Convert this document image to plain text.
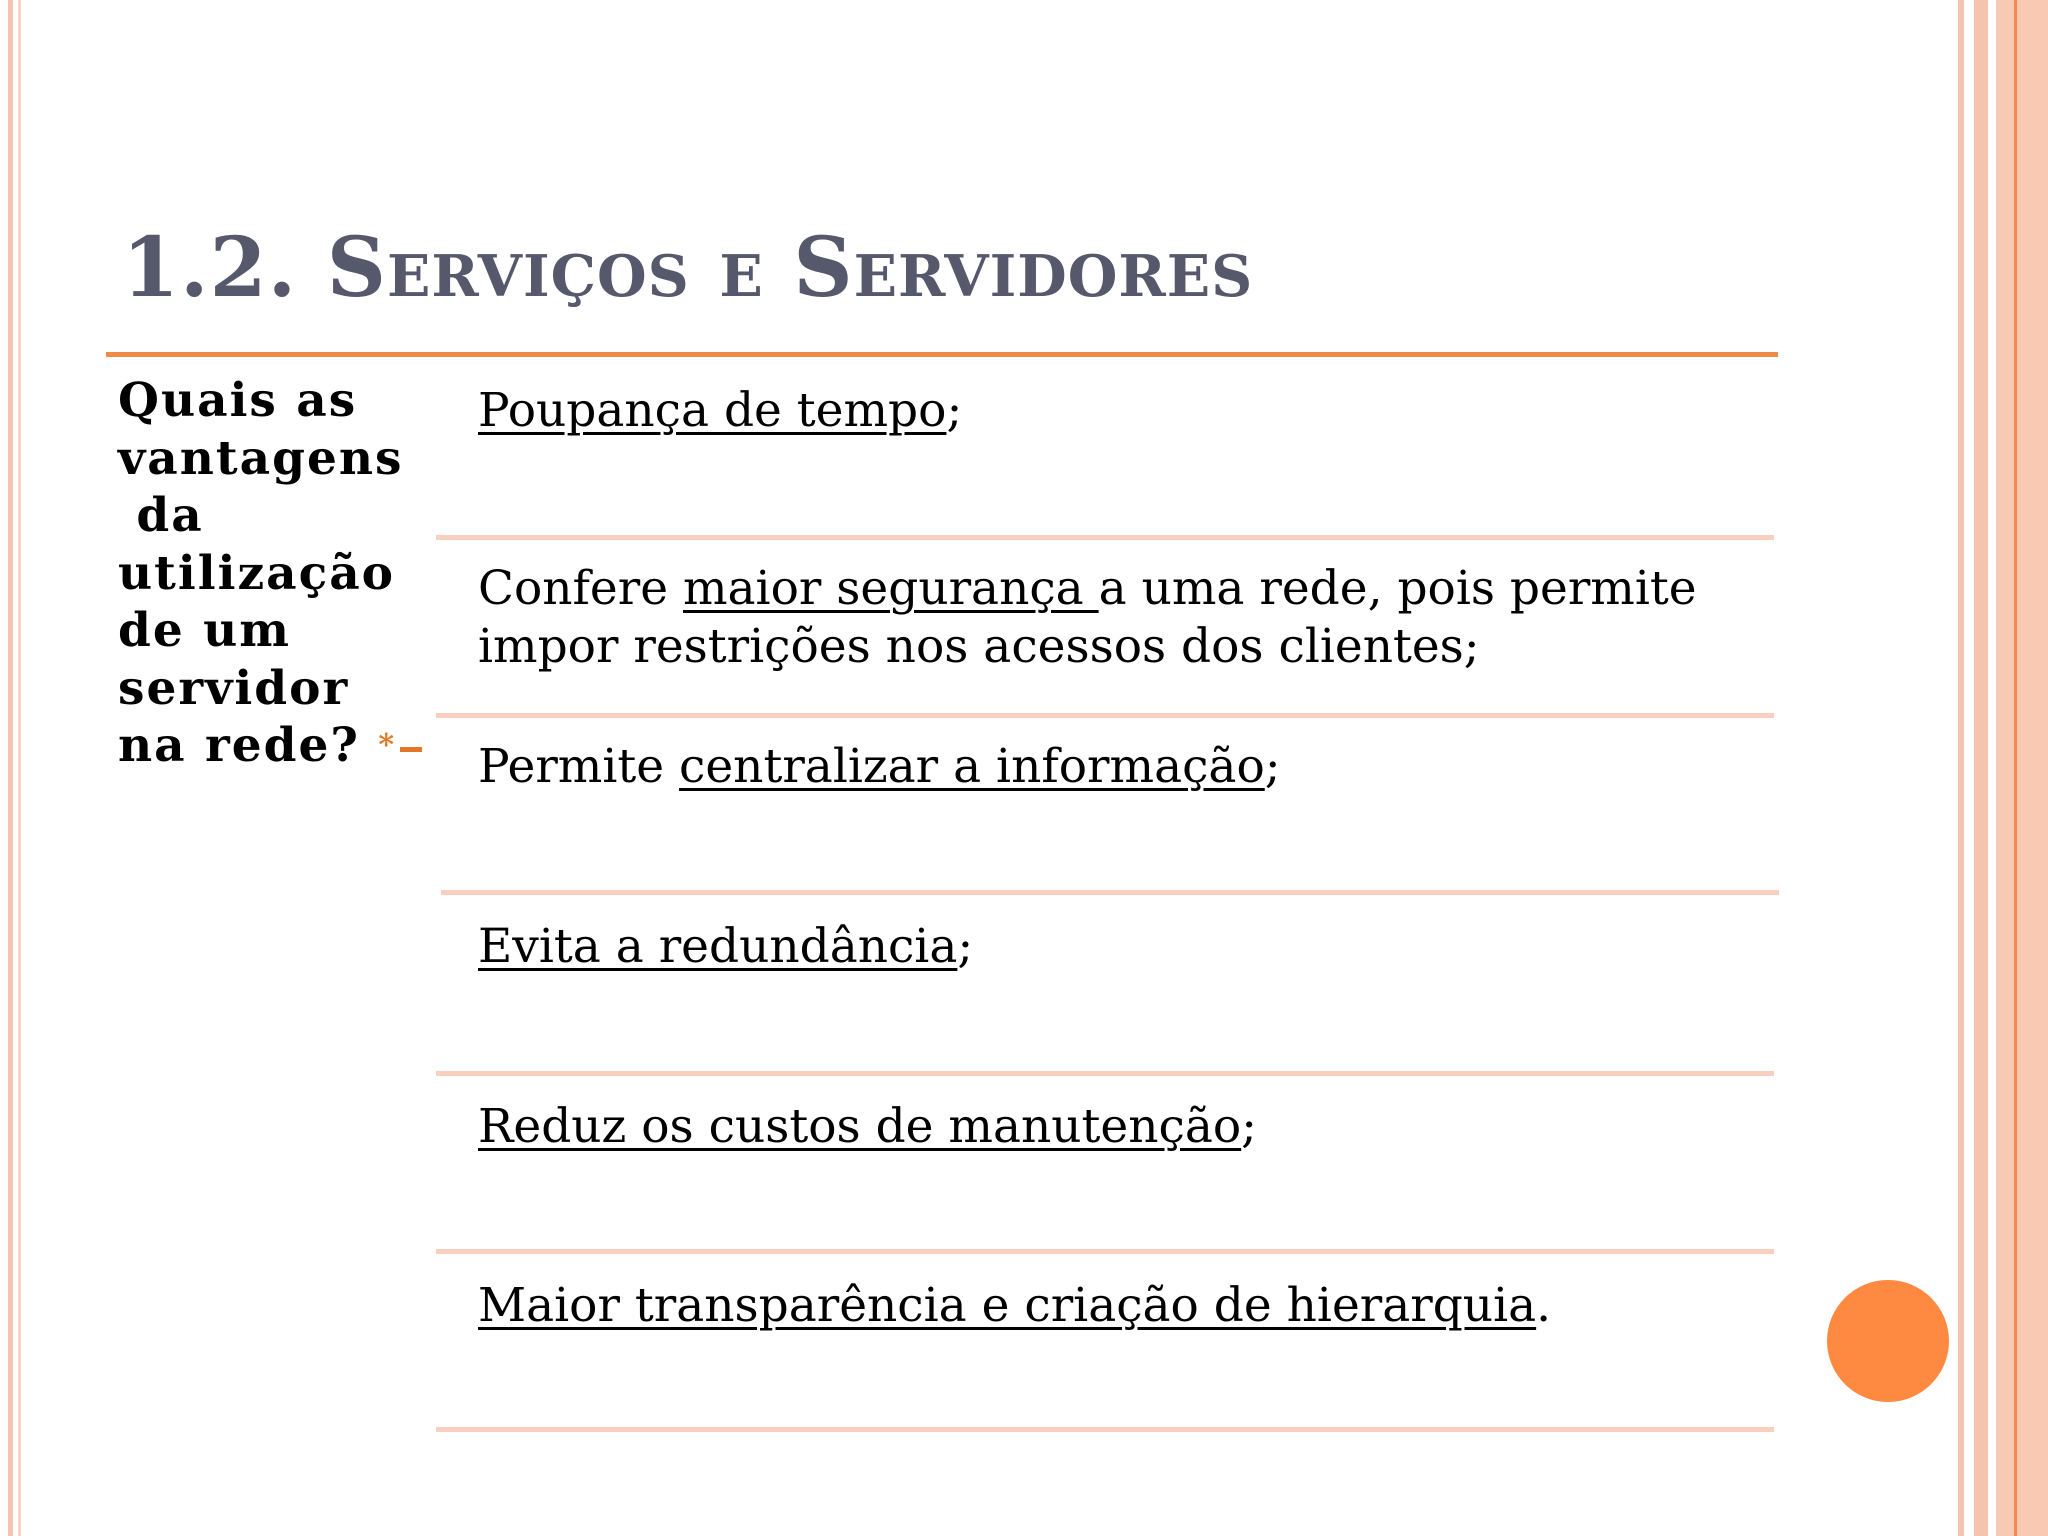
1.2. Serviços e Servidores
Quais as
vantagens
da
utilização
de um
servidor
na rede? *
Poupança de tempo;
Confere maior segurança a uma rede, pois permite
impor restrições nos acessos dos clientes;
Permite centralizar a informação;
Evita a redundância;
Reduz os custos de manutenção;
Maior transparência e criação de hierarquia.
